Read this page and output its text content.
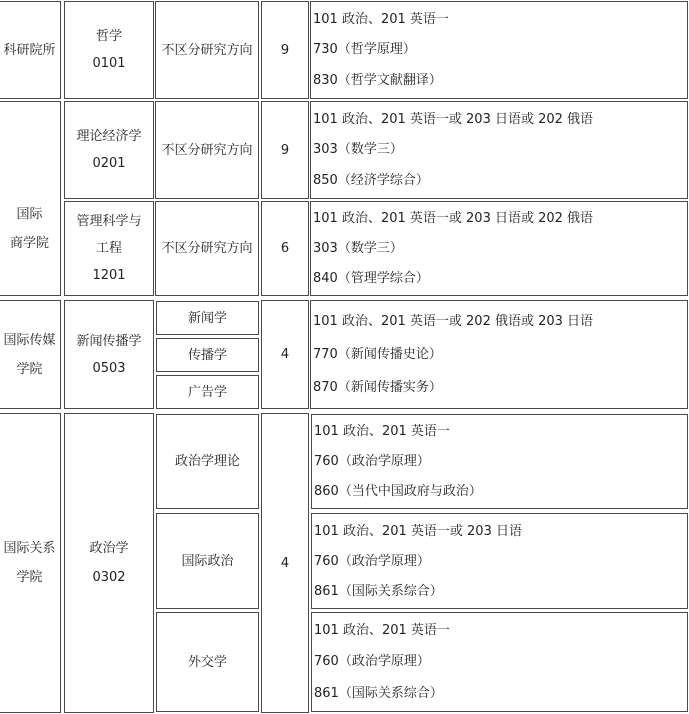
科研院所
哲学
0101
不区分研究方向 9
101 政治、201 英语一
730（哲学原理）
830（哲学文献翻译）
国际
商学院
理论经济学
0201
不区分研究方向 9
101 政治、201 英语一或 203 日语或 202 俄语
303（数学三）
850（经济学综合）
管理科学与
工程
1201
不区分研究方向 6
101 政治、201 英语一或 203 日语或 202 俄语
303（数学三）
840（管理学综合）
国际传媒
学院
新闻传播学
0503
新闻学
传播学
广告学
4
101 政治、201 英语一或 202 俄语或 203 日语
770（新闻传播史论）
870（新闻传播实务）
国际关系
学院
政治学
0302
政治学理论
国际政治
外交学
4
101 政治、201 英语一
760（政治学原理）
860（当代中国政府与政治）
101 政治、201 英语一或 203 日语
760（政治学原理）
861（国际关系综合）
101 政治、201 英语一
760（政治学原理）
861（国际关系综合）
